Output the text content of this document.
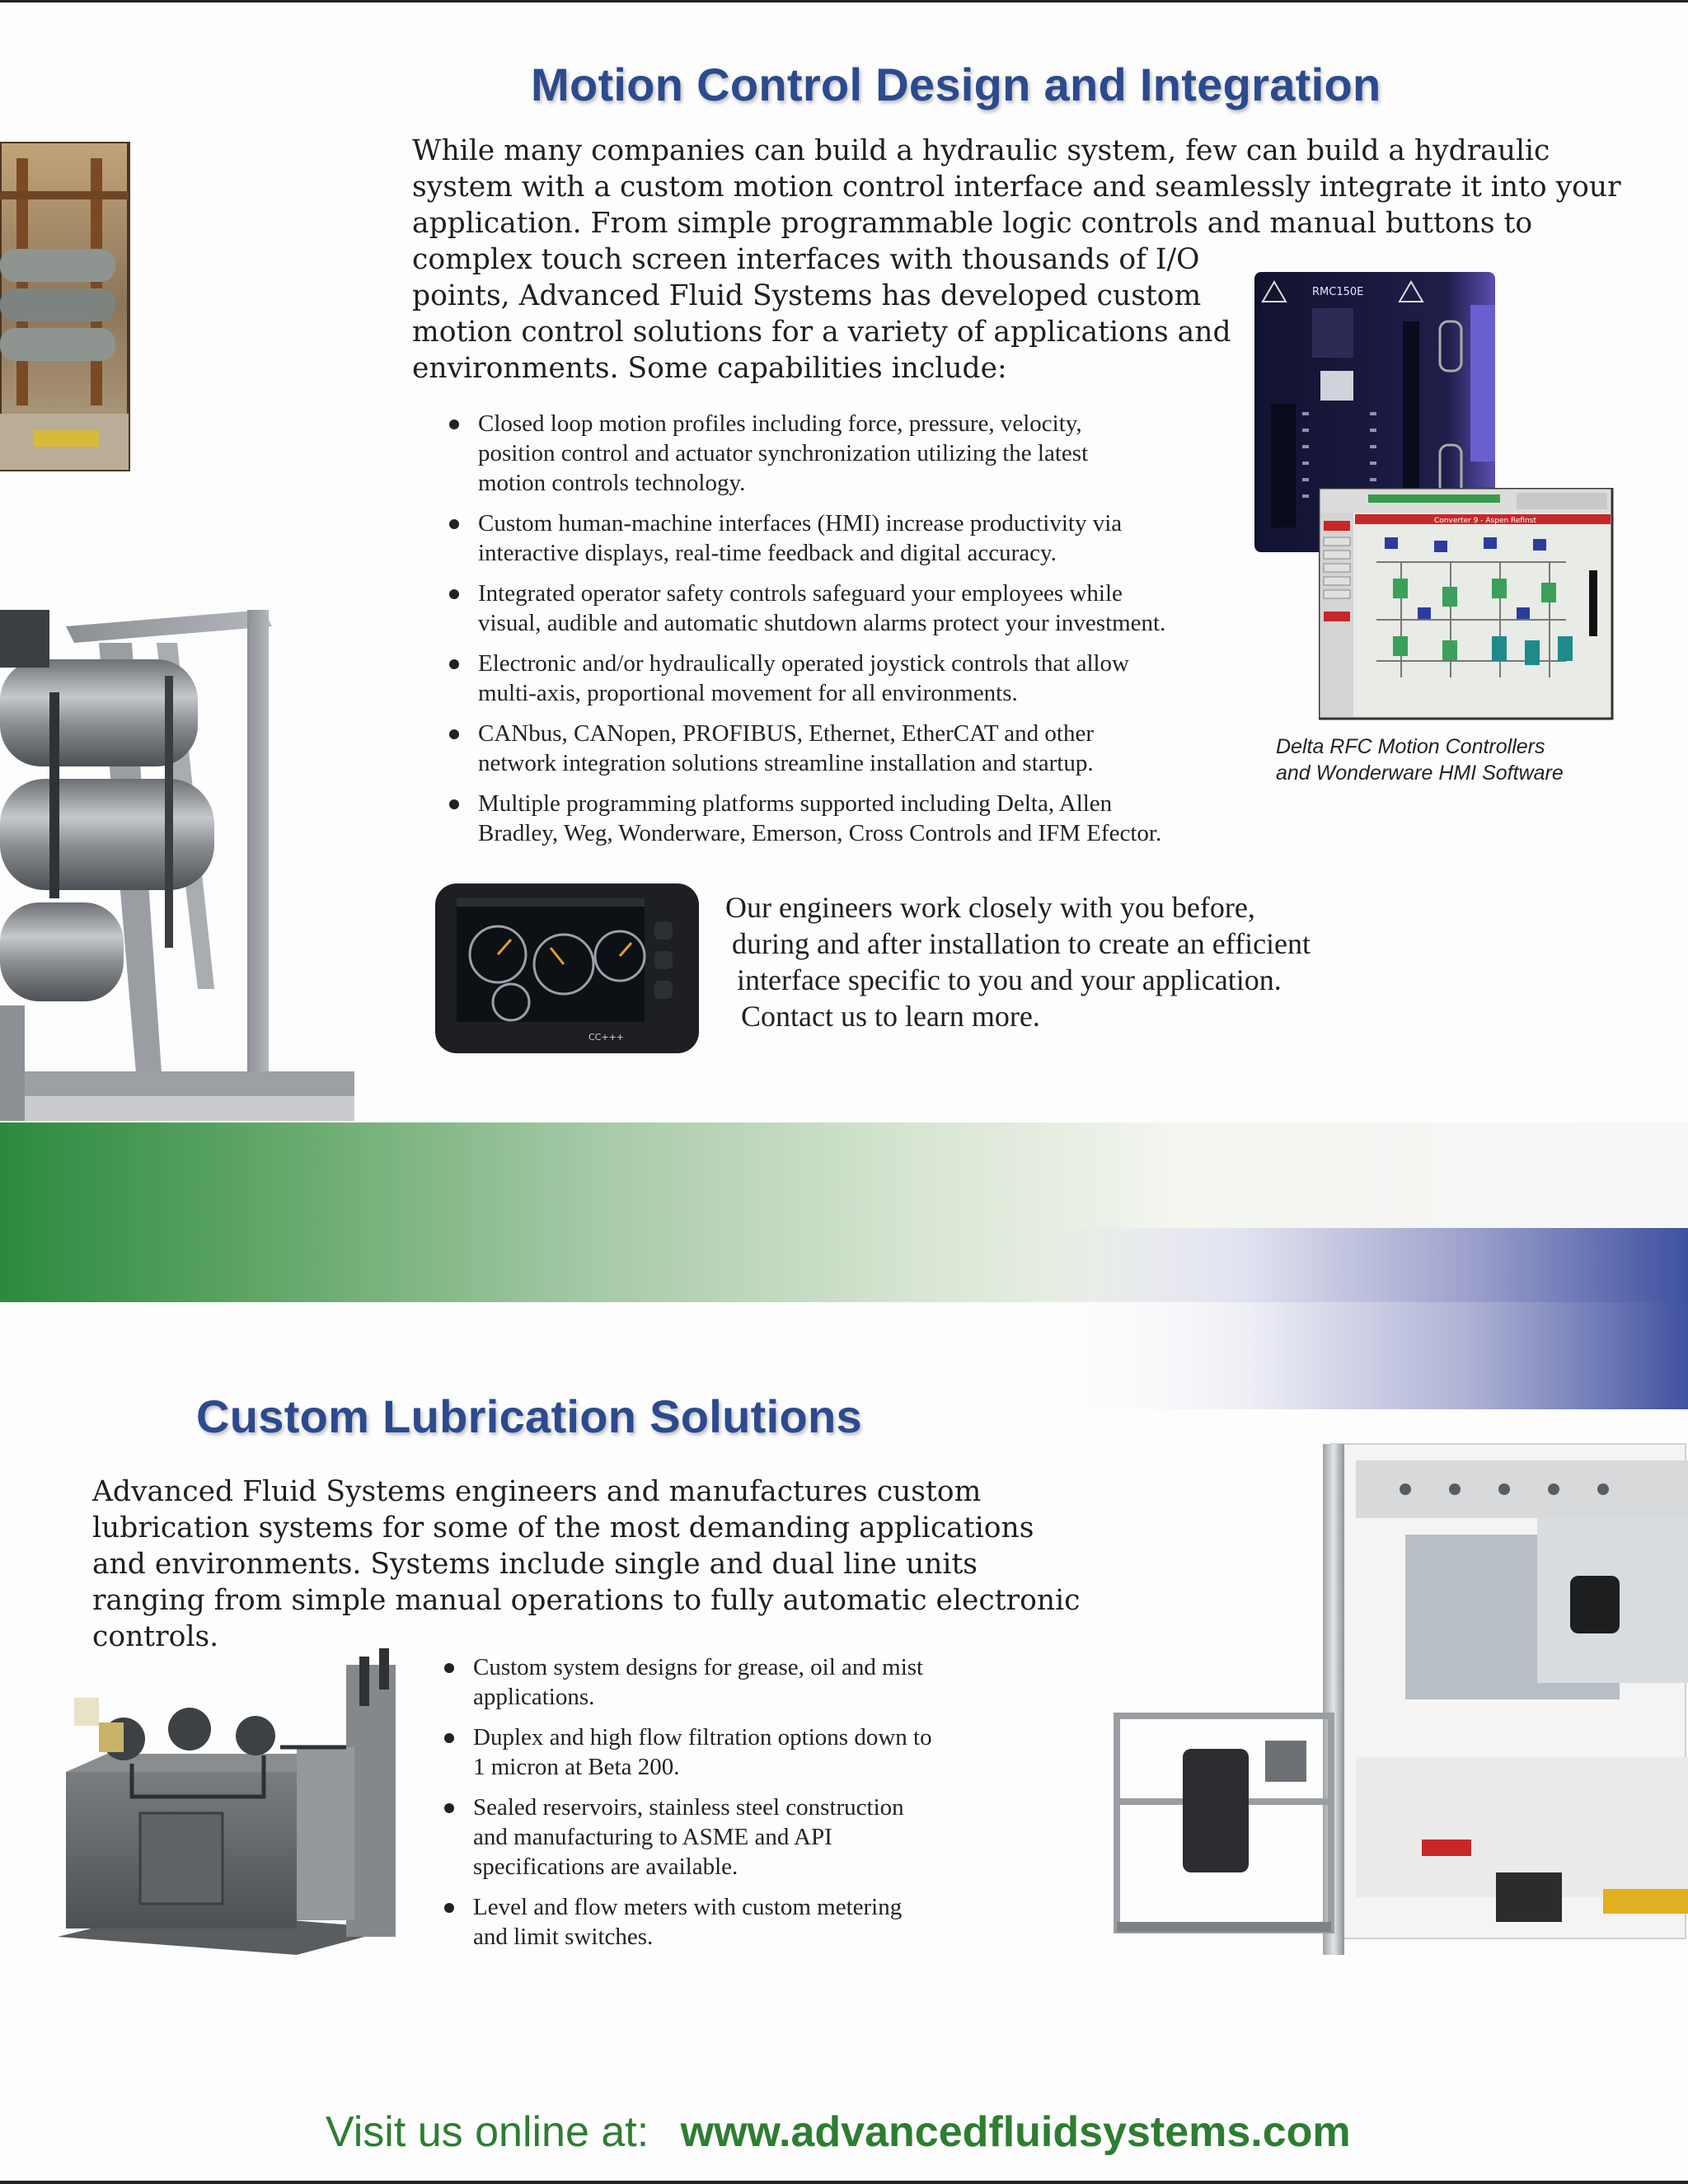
Motion Control Design and Integration
While many companies can build a hydraulic system, few can build a hydraulic
system with a custom motion control interface and seamlessly integrate it into your
application. From simple programmable logic controls and manual buttons to
complex touch screen interfaces with thousands of I/O
points, Advanced Fluid Systems has developed custom
motion control solutions for a variety of applications and
environments. Some capabilities include:
RMC150E
Converter 9 - Aspen Refinst
Delta RFC Motion Controllers
and Wonderware HMI Software
Closed loop motion profiles including force, pressure, velocity,
position control and actuator synchronization utilizing the latest
motion controls technology.
Custom human-machine interfaces (HMI) increase productivity via
interactive displays, real-time feedback and digital accuracy.
Integrated operator safety controls safeguard your employees while
visual, audible and automatic shutdown alarms protect your investment.
Electronic and/or hydraulically operated joystick controls that allow
multi-axis, proportional movement for all environments.
CANbus, CANopen, PROFIBUS, Ethernet, EtherCAT and other
network integration solutions streamline installation and startup.
Multiple programming platforms supported including Delta, Allen
Bradley, Weg, Wonderware, Emerson, Cross Controls and IFM Efector.
CC+++
Our engineers work closely with you before,
during and after installation to create an efficient
interface specific to you and your application.
Contact us to learn more.
Custom Lubrication Solutions
Advanced Fluid Systems engineers and manufactures custom
lubrication systems for some of the most demanding applications
and environments. Systems include single and dual line units
ranging from simple manual operations to fully automatic electronic
controls.
Custom system designs for grease, oil and mist
applications.
Duplex and high flow filtration options down to
1 micron at Beta 200.
Sealed reservoirs, stainless steel construction
and manufacturing to ASME and API
specifications are available.
Level and flow meters with custom metering
and limit switches.
Visit us online at: www.advancedfluidsystems.com
